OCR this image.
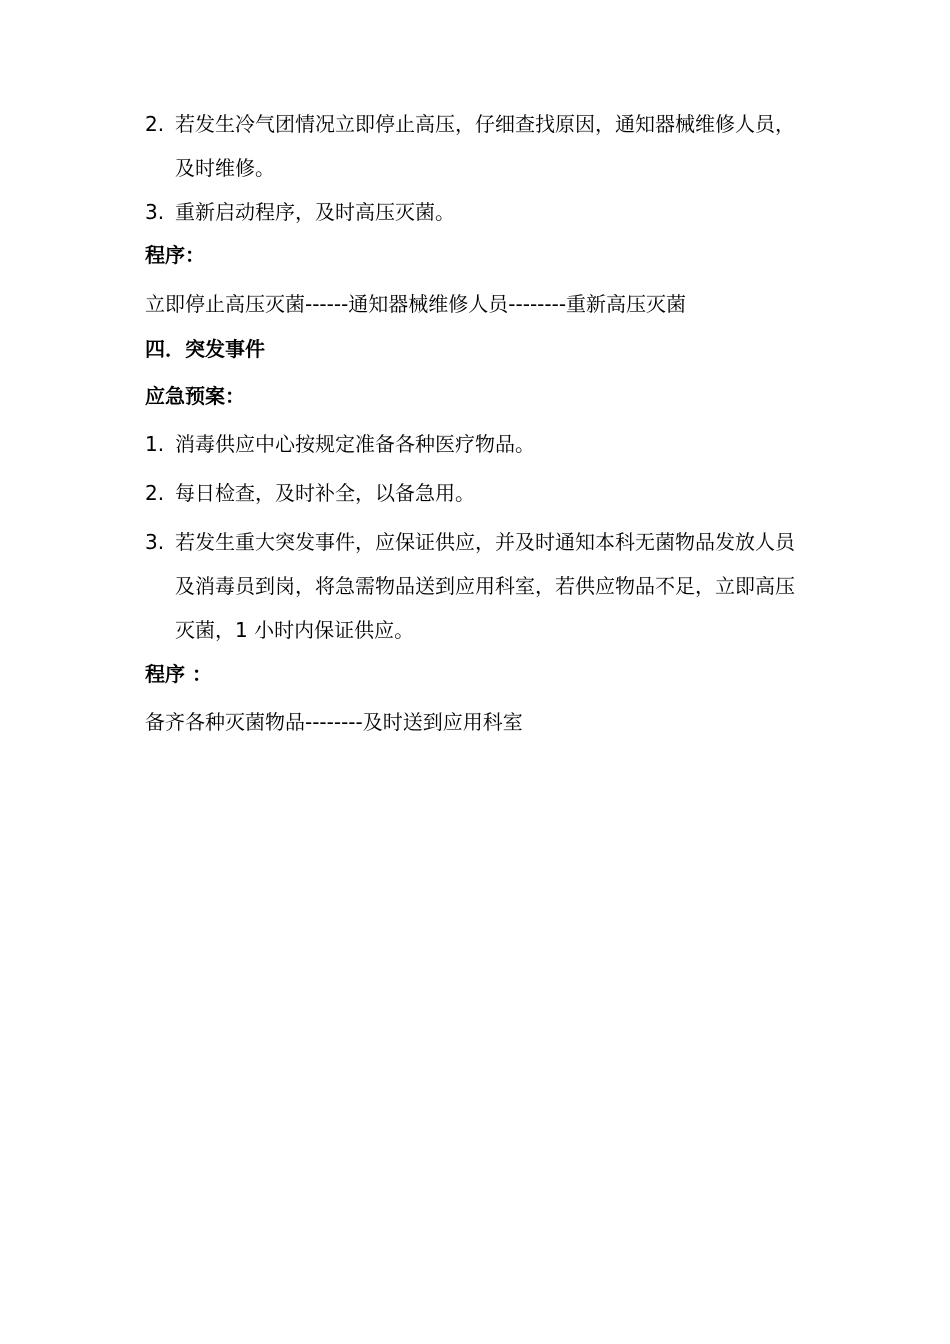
2. 若发生冷气团情况立即停止高压，仔细查找原因，通知器械维修人员，及时维修。
3. 重新启动程序，及时高压灭菌。
程序：
立即停止高压灭菌------通知器械维修人员--------重新高压灭菌
四．突发事件
应急预案：
1. 消毒供应中心按规定准备各种医疗物品。
2. 每日检查，及时补全，以备急用。
3. 若发生重大突发事件，应保证供应，并及时通知本科无菌物品发放人员及消毒员到岗，将急需物品送到应用科室，若供应物品不足，立即高压灭菌，1 小时内保证供应。
程序 ：
备齐各种灭菌物品--------及时送到应用科室
